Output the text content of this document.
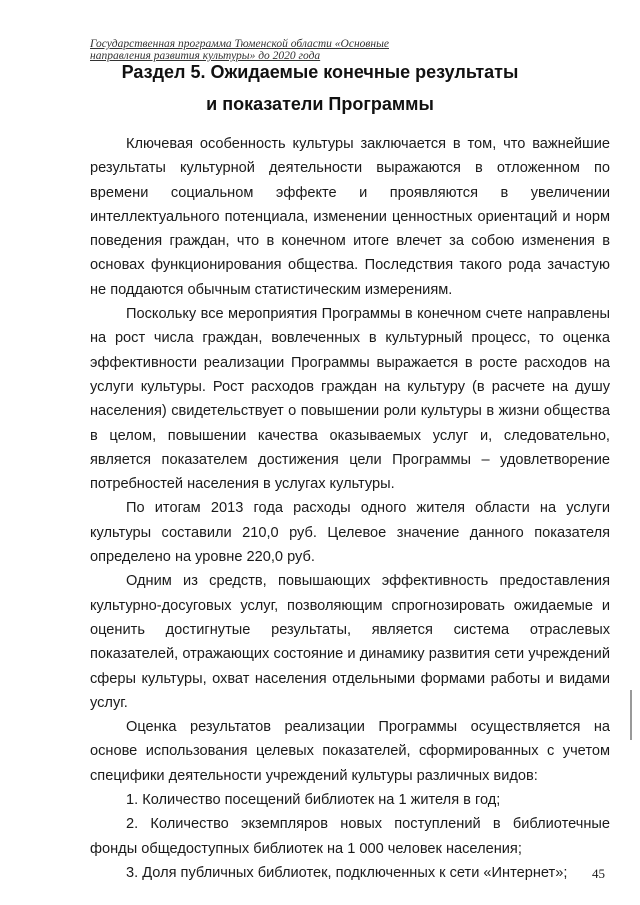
Государственная программа Тюменской области «Основные направления развития культуры» до 2020 года
Раздел 5. Ожидаемые конечные результаты
и показатели Программы

Ключевая особенность культуры заключается в том, что важнейшие результаты культурной деятельности выражаются в отложенном по времени социальном эффекте и проявляются в увеличении интеллектуального потенциала, изменении ценностных ориентаций и норм поведения граждан, что в конечном итоге влечет за собою изменения в основах функционирования общества. Последствия такого рода зачастую не поддаются обычным статистическим измерениям.

Поскольку все мероприятия Программы в конечном счете направлены на рост числа граждан, вовлеченных в культурный процесс, то оценка эффективности реализации Программы выражается в росте расходов на услуги культуры. Рост расходов граждан на культуру (в расчете на душу населения) свидетельствует о повышении роли культуры в жизни общества в целом, повышении качества оказываемых услуг и, следовательно, является показателем достижения цели Программы – удовлетворение потребностей населения в услугах культуры.

По итогам 2013 года расходы одного жителя области на услуги культуры составили 210,0 руб. Целевое значение данного показателя определено на уровне 220,0 руб.

Одним из средств, повышающих эффективность предоставления культурно-досуговых услуг, позволяющим спрогнозировать ожидаемые и оценить достигнутые результаты, является система отраслевых показателей, отражающих состояние и динамику развития сети учреждений сферы культуры, охват населения отдельными формами работы и видами услуг.

Оценка результатов реализации Программы осуществляется на основе использования целевых показателей, сформированных с учетом специфики деятельности учреждений культуры различных видов:

1. Количество посещений библиотек на 1 жителя в год;
2. Количество экземпляров новых поступлений в библиотечные фонды общедоступных библиотек на 1 000 человек населения;
3. Доля публичных библиотек, подключенных к сети «Интернет»;	45
